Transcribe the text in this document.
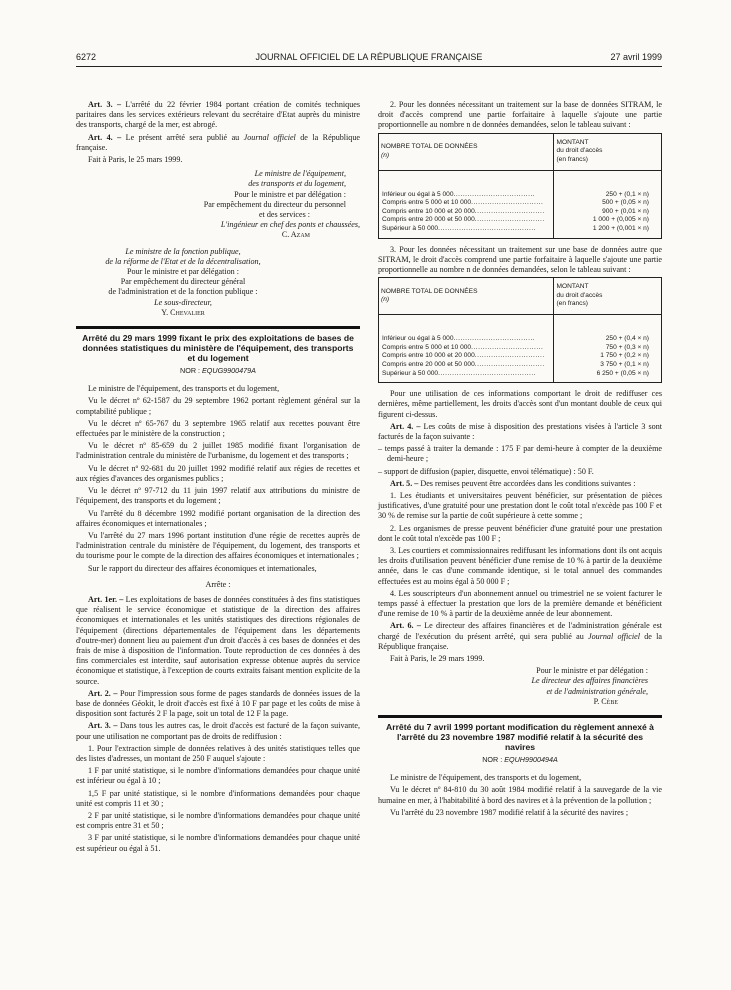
6272	JOURNAL OFFICIEL DE LA RÉPUBLIQUE FRANÇAISE	27 avril 1999

Art. 3. – L'arrêté du 22 février 1984 portant création de comités techniques paritaires dans les services extérieurs relevant du secrétaire d'Etat auprès du ministre des transports, chargé de la mer, est abrogé.

Art. 4. – Le présent arrêté sera publié au Journal officiel de la République française.

Fait à Paris, le 25 mars 1999.

Le ministre de l'équipement,

des transports et du logement,

Pour le ministre et par délégation :

Par empêchement du directeur du personnel

et des services :

L'ingénieur en chef des ponts et chaussées,

C. Azam

Le ministre de la fonction publique,

de la réforme de l'Etat et de la décentralisation,

Pour le ministre et par délégation :

Par empêchement du directeur général

de l'administration et de la fonction publique :

Le sous-directeur,

Y. Chevalier

Arrêté du 29 mars 1999 fixant le prix des exploitations de bases de données statistiques du ministère de l'équipement, des transports et du logement

NOR : EQUG9900479A

Le ministre de l'équipement, des transports et du logement,

Vu le décret nº 62-1587 du 29 septembre 1962 portant règlement général sur la comptabilité publique ;

Vu le décret nº 65-767 du 3 septembre 1965 relatif aux recettes pouvant être effectuées par le ministère de la construction ;

Vu le décret nº 85-659 du 2 juillet 1985 modifié fixant l'organisation de l'administration centrale du ministère de l'urbanisme, du logement et des transports ;

Vu le décret nº 92-681 du 20 juillet 1992 modifié relatif aux régies de recettes et aux régies d'avances des organismes publics ;

Vu le décret nº 97-712 du 11 juin 1997 relatif aux attributions du ministre de l'équipement, des transports et du logement ;

Vu l'arrêté du 8 décembre 1992 modifié portant organisation de la direction des affaires économiques et internationales ;

Vu l'arrêté du 27 mars 1996 portant institution d'une régie de recettes auprès de l'administration centrale du ministère de l'équipement, du logement, des transports et du tourisme pour le compte de la direction des affaires économiques et internationales ;

Sur le rapport du directeur des affaires économiques et internationales,

Arrête :

Art. 1er. – Les exploitations de bases de données constituées à des fins statistiques que réalisent le service économique et statistique de la direction des affaires économiques et internationales et les unités statistiques des directions régionales de l'équipement (directions départementales de l'équipement dans les départements d'outre-mer) donnent lieu au paiement d'un droit d'accès à ces bases de données et des frais de mise à disposition de l'information. Toute reproduction de ces données à des fins commerciales est interdite, sauf autorisation expresse obtenue auprès du service économique et statistique, à l'exception de courts extraits faisant mention explicite de la source.

Art. 2. – Pour l'impression sous forme de pages standards de données issues de la base de données Géokit, le droit d'accès est fixé à 10 F par page et les coûts de mise à disposition sont facturés 2 F la page, soit un total de 12 F la page.

Art. 3. – Dans tous les autres cas, le droit d'accès est facturé de la façon suivante, pour une utilisation ne comportant pas de droits de rediffusion :

1. Pour l'extraction simple de données relatives à des unités statistiques telles que des listes d'adresses, un montant de 250 F auquel s'ajoute :

1 F par unité statistique, si le nombre d'informations demandées pour chaque unité est inférieur ou égal à 10 ;

1,5 F par unité statistique, si le nombre d'informations demandées pour chaque unité est compris 11 et 30 ;

2 F par unité statistique, si le nombre d'informations demandées pour chaque unité est compris entre 31 et 50 ;

3 F par unité statistique, si le nombre d'informations demandées pour chaque unité est supérieur ou égal à 51.

2. Pour les données nécessitant un traitement sur la base de données SITRAM, le droit d'accès comprend une partie forfaitaire à laquelle s'ajoute une partie proportionnelle au nombre n de données demandées, selon le tableau suivant :

NOMBRE TOTAL DE DONNÉES
(n)	MONTANT
du droit d'accès
(en francs)

Inférieur ou égal à 5 000...................................	250 + (0,1 × n)
Compris entre 5 000 et 10 000...............................	500 + (0,05 × n)
Compris entre 10 000 et 20 000..............................	900 + (0,01 × n)
Compris entre 20 000 et 50 000..............................	1 000 + (0,005 × n)
Supérieur à 50 000..........................................	1 200 + (0,001 × n)

3. Pour les données nécessitant un traitement sur une base de données autre que SITRAM, le droit d'accès comprend une partie forfaitaire à laquelle s'ajoute une partie proportionnelle au nombre n de données demandées, selon le tableau suivant :

NOMBRE TOTAL DE DONNÉES
(n)	MONTANT
du droit d'accès
(en francs)

Inférieur ou égal à 5 000...................................	250 + (0,4 × n)
Compris entre 5 000 et 10 000...............................	750 + (0,3 × n)
Compris entre 10 000 et 20 000..............................	1 750 + (0,2 × n)
Compris entre 20 000 et 50 000..............................	3 750 + (0,1 × n)
Supérieur à 50 000..........................................	6 250 + (0,05 × n)

Pour une utilisation de ces informations comportant le droit de rediffuser ces dernières, même partiellement, les droits d'accès sont d'un montant double de ceux qui figurent ci-dessus.

Art. 4. – Les coûts de mise à disposition des prestations visées à l'article 3 sont facturés de la façon suivante :

– temps passé à traiter la demande : 175 F par demi-heure à compter de la deuxième demi-heure ;

– support de diffusion (papier, disquette, envoi télématique) : 50 F.

Art. 5. – Des remises peuvent être accordées dans les conditions suivantes :

1. Les étudiants et universitaires peuvent bénéficier, sur présentation de pièces justificatives, d'une gratuité pour une prestation dont le coût total n'excède pas 100 F et 30 % de remise sur la partie de coût supérieure à cette somme ;

2. Les organismes de presse peuvent bénéficier d'une gratuité pour une prestation dont le coût total n'excède pas 100 F ;

3. Les courtiers et commissionnaires rediffusant les informations dont ils ont acquis les droits d'utilisation peuvent bénéficier d'une remise de 10 % à partir de la deuxième année, dans le cas d'une commande identique, si le total annuel des commandes effectuées est au moins égal à 50 000 F ;

4. Les souscripteurs d'un abonnement annuel ou trimestriel ne se voient facturer le temps passé à effectuer la prestation que lors de la première demande et bénéficient d'une remise de 10 % à partir de la deuxième année de leur abonnement.

Art. 6. – Le directeur des affaires financières et de l'administration générale est chargé de l'exécution du présent arrêté, qui sera publié au Journal officiel de la République française.

Fait à Paris, le 29 mars 1999.

Pour le ministre et par délégation :

Le directeur des affaires financières

et de l'administration générale,

P. Cèbe

Arrêté du 7 avril 1999 portant modification du règlement annexé à l'arrêté du 23 novembre 1987 modifié relatif à la sécurité des navires

NOR : EQUH9900494A

Le ministre de l'équipement, des transports et du logement,

Vu le décret nº 84-810 du 30 août 1984 modifié relatif à la sauvegarde de la vie humaine en mer, à l'habitabilité à bord des navires et à la prévention de la pollution ;

Vu l'arrêté du 23 novembre 1987 modifié relatif à la sécurité des navires ;
